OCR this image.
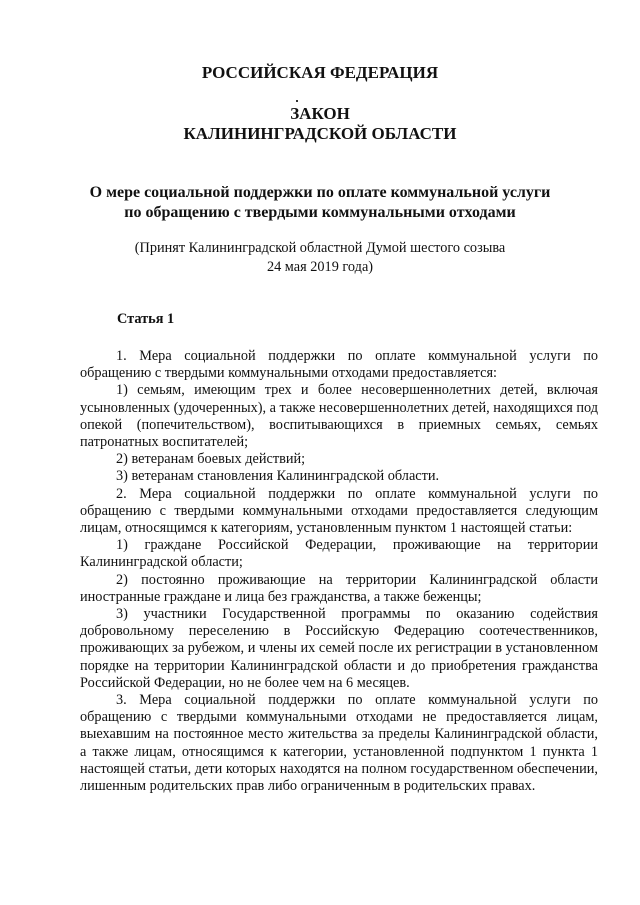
РОССИЙСКАЯ ФЕДЕРАЦИЯ
ЗАКОН
КАЛИНИНГРАДСКОЙ ОБЛАСТИ
О мере социальной поддержки по оплате коммунальной услуги
по обращению с твердыми коммунальными отходами
(Принят Калининградской областной Думой шестого созыва
24 мая 2019 года)
Статья 1

1. Мера социальной поддержки по оплате коммунальной услуги по обращению с твердыми коммунальными отходами предоставляется:

1) семьям, имеющим трех и более несовершеннолетних детей, включая усыновленных (удочеренных), а также несовершеннолетних детей, находящихся под опекой (попечительством), воспитывающихся в приемных семьях, семьях патронатных воспитателей;

2) ветеранам боевых действий;

3) ветеранам становления Калининградской области.

2. Мера социальной поддержки по оплате коммунальной услуги по обращению с твердыми коммунальными отходами предоставляется следующим лицам, относящимся к категориям, установленным пунктом 1 настоящей статьи:

1) граждане Российской Федерации, проживающие на территории Калининградской области;

2) постоянно проживающие на территории Калининградской области иностранные граждане и лица без гражданства, а также беженцы;

3) участники Государственной программы по оказанию содействия добровольному переселению в Российскую Федерацию соотечественников, проживающих за рубежом, и члены их семей после их регистрации в установленном порядке на территории Калининградской области и до приобретения гражданства Российской Федерации, но не более чем на 6 месяцев.

3. Мера социальной поддержки по оплате коммунальной услуги по обращению с твердыми коммунальными отходами не предоставляется лицам, выехавшим на постоянное место жительства за пределы Калининградской области, а также лицам, относящимся к категории, установленной подпунктом 1 пункта 1 настоящей статьи, дети которых находятся на полном государственном обеспечении, лишенным родительских прав либо ограниченным в родительских правах.
